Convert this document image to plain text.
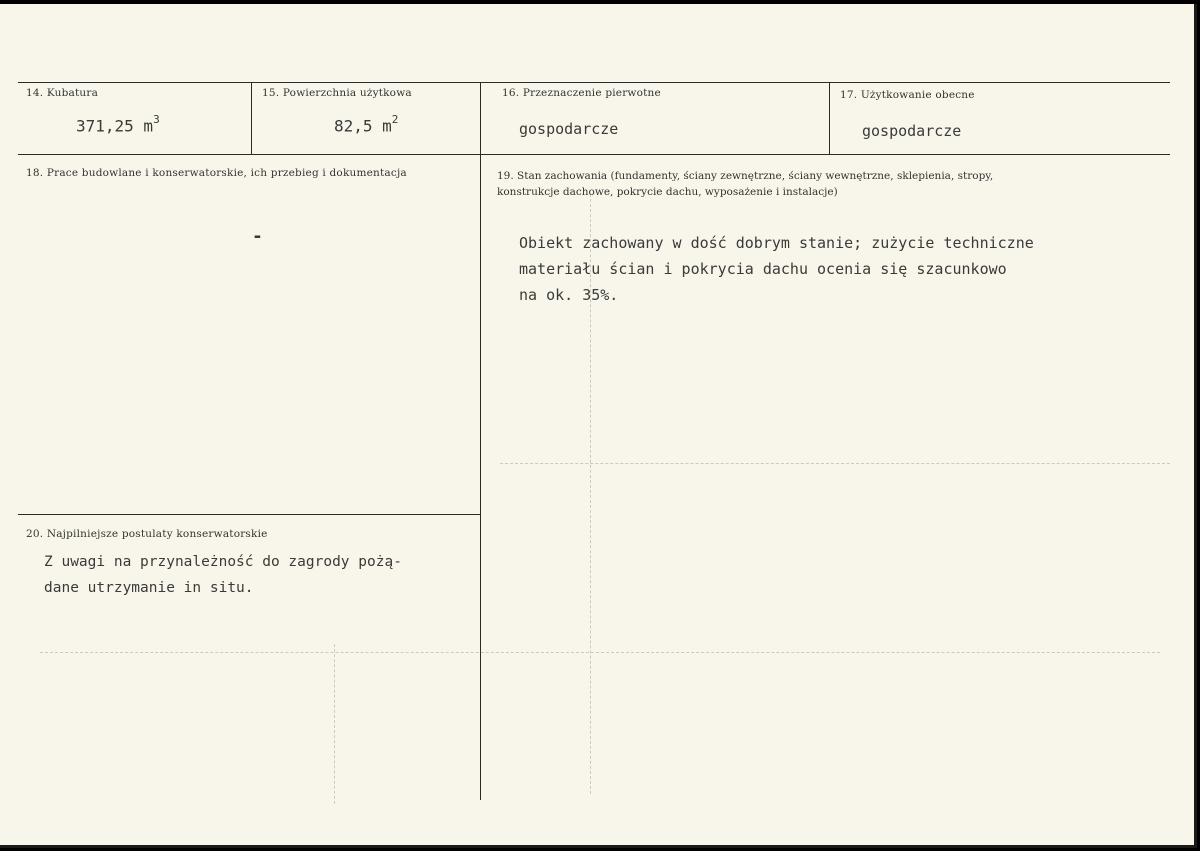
14. Kubatura
371,25 $m^3$
15. Powierzchnia użytkowa
82,5 $m^2$
16. Przeznaczenie pierwotne
gospodarcze
17. Użytkowanie obecne
gospodarcze
18. Prace budowlane i konserwatorskie, ich przebieg i dokumentacja
-
19. Stan zachowania (fundamenty, ściany zewnętrzne, ściany wewnętrzne, sklepienia, stropy,
konstrukcje dachowe, pokrycie dachu, wyposażenie i instalacje)
Obiekt zachowany w dość dobrym stanie; zużycie techniczne
materiału ścian i pokrycia dachu ocenia się szacunkowo
na ok. 35%.
20. Najpilniejsze postulaty konserwatorskie
Z uwagi na przynależność do zagrody pożą-
dane utrzymanie in situ.
